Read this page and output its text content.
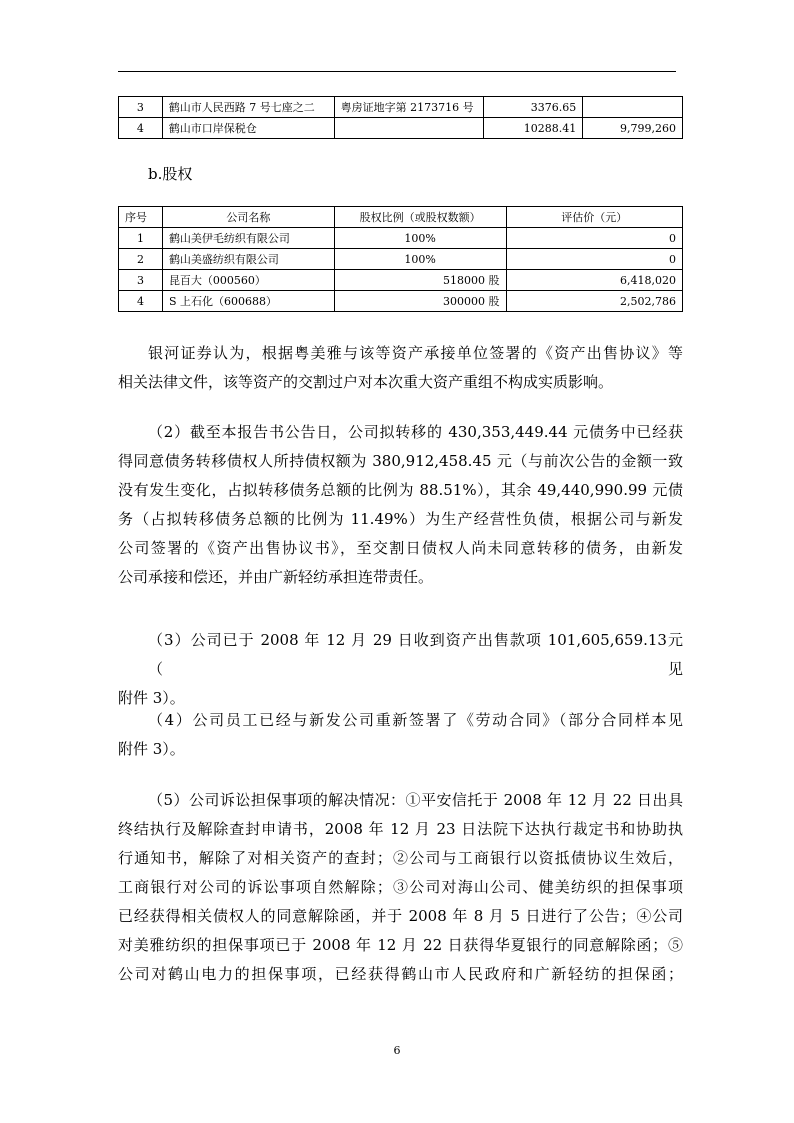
3	鹤山市人民西路 7 号七座之二	粤房证地字第 2173716 号	3376.65	
4	鹤山市口岸保税仓		10288.41	9,799,260
b.股权
序号	公司名称	股权比例（或股权数额）	评估价（元）
1	鹤山美伊毛纺织有限公司	100%	0
2	鹤山美盛纺织有限公司	100%	0
3	昆百大（000560）	518000 股	6,418,020
4	S 上石化（600688）	300000 股	2,502,786
银河证券认为，根据粤美雅与该等资产承接单位签署的《资产出售协议》等
相关法律文件，该等资产的交割过户对本次重大资产重组不构成实质影响。
（2）截至本报告书公告日，公司拟转移的 430,353,449.44 元债务中已经获
得同意债务转移债权人所持债权额为 380,912,458.45 元（与前次公告的金额一致
没有发生变化，占拟转移债务总额的比例为 88.51%），其余 49,440,990.99 元债
务（占拟转移债务总额的比例为 11.49%）为生产经营性负债，根据公司与新发
公司签署的《资产出售协议书》，至交割日债权人尚未同意转移的债务，由新发
公司承接和偿还，并由广新轻纺承担连带责任。
（3）公司已于 2008 年 12 月 29 日收到资产出售款项 101,605,659.13元（见
附件 3）。
（4）公司员工已经与新发公司重新签署了《劳动合同》（部分合同样本见
附件 3）。
（5）公司诉讼担保事项的解决情况：①平安信托于 2008 年 12 月 22 日出具
终结执行及解除查封申请书，2008 年 12 月 23 日法院下达执行裁定书和协助执
行通知书，解除了对相关资产的查封；②公司与工商银行以资抵债协议生效后，
工商银行对公司的诉讼事项自然解除；③公司对海山公司、健美纺织的担保事项
已经获得相关债权人的同意解除函，并于 2008 年 8 月 5 日进行了公告；④公司
对美雅纺织的担保事项已于 2008 年 12 月 22 日获得华夏银行的同意解除函；⑤
公司对鹤山电力的担保事项，已经获得鹤山市人民政府和广新轻纺的担保函；
6
